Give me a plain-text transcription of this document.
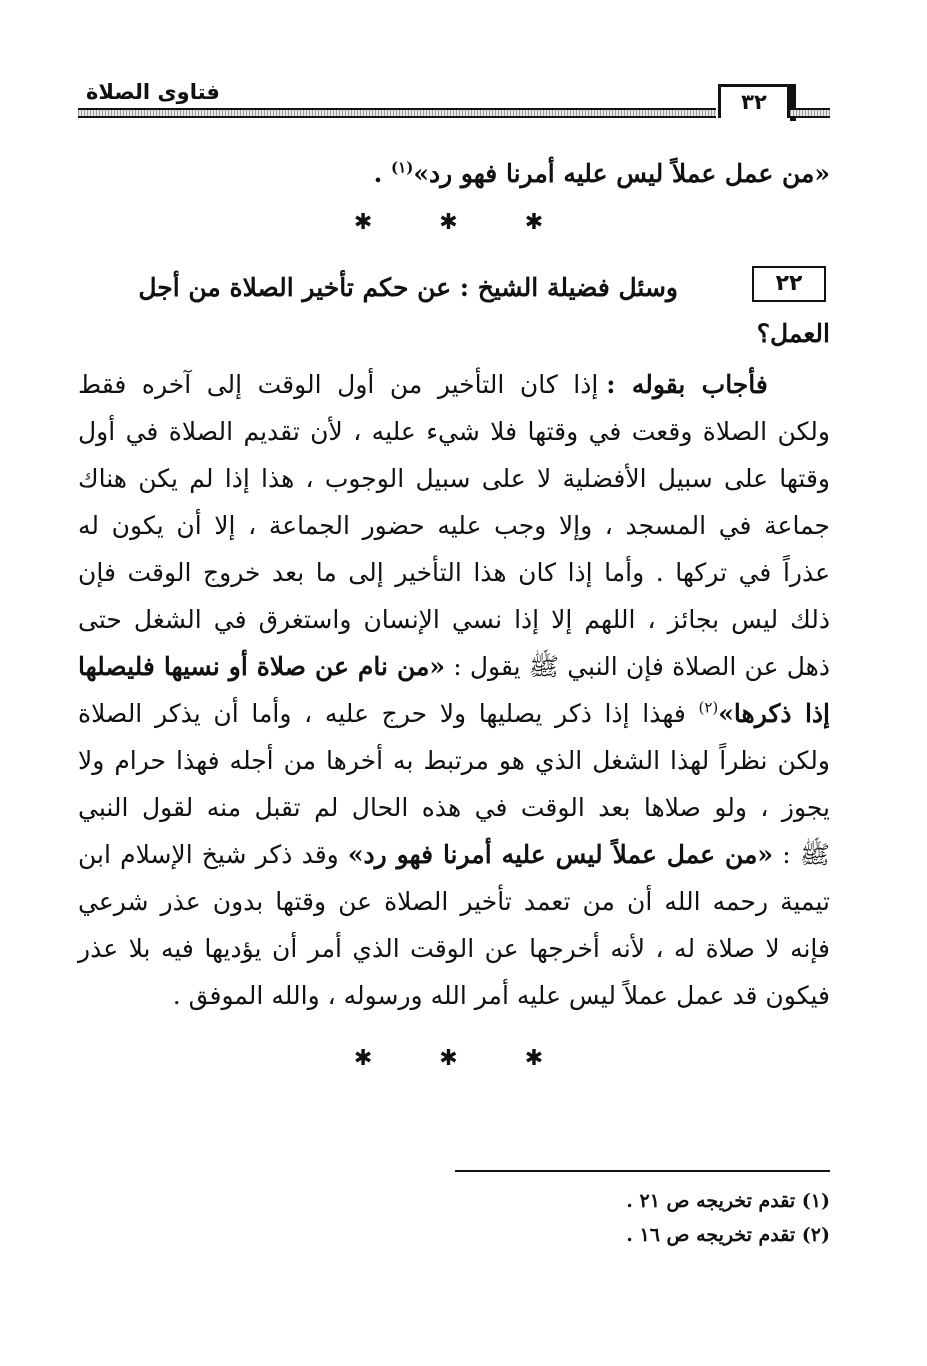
فتاوى الصلاة	٣٢
«من عمل عملاً ليس عليه أمرنا فهو رد»$^{(١)}$ .
✱ ✱ ✱
٢٢
وسئل فضيلة الشيخ : عن حكم تأخير الصلاة من أجل
العمل؟
فأجاب بقوله : إذا كان التأخير من أول الوقت إلى آخره فقط
ولكن الصلاة وقعت في وقتها فلا شيء عليه ، لأن تقديم الصلاة في أول
وقتها على سبيل الأفضلية لا على سبيل الوجوب ، هذا إذا لم يكن هناك
جماعة في المسجد ، وإلا وجب عليه حضور الجماعة ، إلا أن يكون له
عذراً في تركها . وأما إذا كان هذا التأخير إلى ما بعد خروج الوقت فإن
ذلك ليس بجائز ، اللهم إلا إذا نسي الإنسان واستغرق في الشغل حتى
ذهل عن الصلاة فإن النبي ﷺ يقول : «من نام عن صلاة أو نسيها فليصلها
إذا ذكرها»$^{(٢)}$ فهذا إذا ذكر يصليها ولا حرج عليه ، وأما أن يذكر الصلاة
ولكن نظراً لهذا الشغل الذي هو مرتبط به أخرها من أجله فهذا حرام ولا
يجوز ، ولو صلاها بعد الوقت في هذه الحال لم تقبل منه لقول النبي
ﷺ : «من عمل عملاً ليس عليه أمرنا فهو رد» وقد ذكر شيخ الإسلام ابن
تيمية رحمه الله أن من تعمد تأخير الصلاة عن وقتها بدون عذر شرعي
فإنه لا صلاة له ، لأنه أخرجها عن الوقت الذي أمر أن يؤديها فيه بلا عذر
فيكون قد عمل عملاً ليس عليه أمر الله ورسوله ، والله الموفق .
✱ ✱ ✱
(١) تقدم تخريجه ص ٢١ .
(٢) تقدم تخريجه ص ١٦ .
